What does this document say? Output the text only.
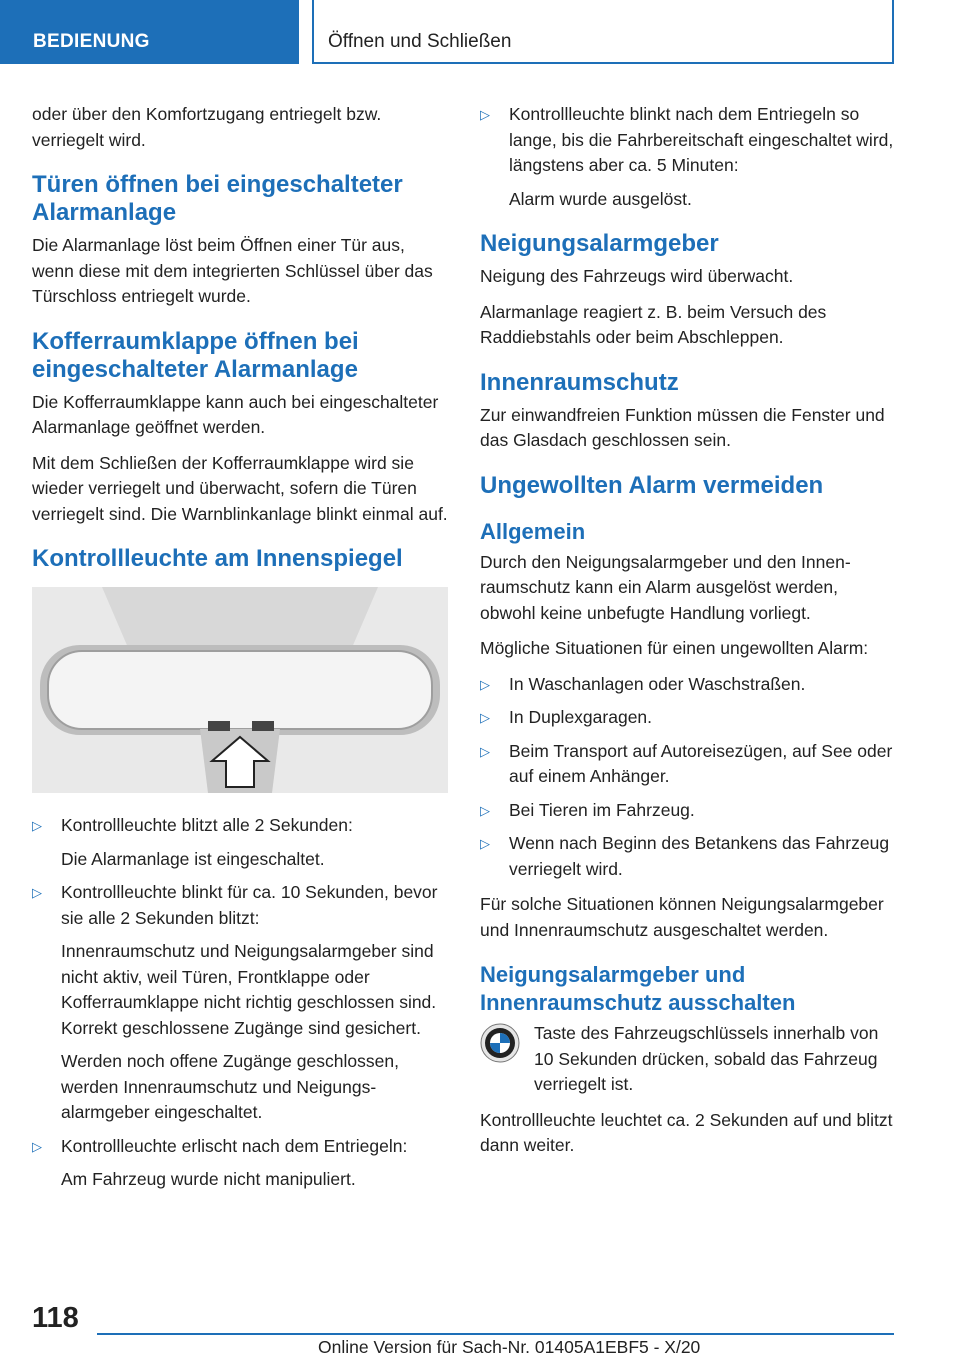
BEDIENUNG	Öffnen und Schließen

oder über den Komfortzugang entriegelt bzw. verriegelt wird.

Türen öffnen bei eingeschalteter Alarmanlage

Die Alarmanlage löst beim Öffnen einer Tür aus, wenn diese mit dem integrierten Schlüssel über das Türschloss entriegelt wurde.

Kofferraumklappe öffnen bei eingeschalteter Alarmanlage

Die Kofferraumklappe kann auch bei eingeschalteter Alarmanlage geöffnet werden.

Mit dem Schließen der Kofferraumklappe wird sie wieder verriegelt und überwacht, sofern die Türen verriegelt sind. Die Warnblinkanlage blinkt einmal auf.

Kontrollleuchte am Innenspiegel
▷ Kontrollleuchte blitzt alle 2 Sekunden:
Die Alarmanlage ist eingeschaltet.
▷ Kontrollleuchte blinkt für ca. 10 Sekunden, bevor sie alle 2 Sekunden blitzt:
Innenraumschutz und Neigungsalarmgeber sind nicht aktiv, weil Türen, Frontklappe oder Kofferraumklappe nicht richtig geschlossen sind. Korrekt geschlossene Zugänge sind gesichert.
Werden noch offene Zugänge geschlossen, werden Innenraumschutz und Neigungsalarmgeber eingeschaltet.
▷ Kontrollleuchte erlischt nach dem Entriegeln:
Am Fahrzeug wurde nicht manipuliert.
▷ Kontrollleuchte blinkt nach dem Entriegeln so lange, bis die Fahrbereitschaft eingeschaltet wird, längstens aber ca. 5 Minuten:
Alarm wurde ausgelöst.
Neigungsalarmgeber

Neigung des Fahrzeugs wird überwacht.

Alarmanlage reagiert z. B. beim Versuch des Raddiebstahls oder beim Abschleppen.

Innenraumschutz

Zur einwandfreien Funktion müssen die Fenster und das Glasdach geschlossen sein.

Ungewollten Alarm vermeiden
Allgemein

Durch den Neigungsalarmgeber und den Innenraumschutz kann ein Alarm ausgelöst werden, obwohl keine unbefugte Handlung vorliegt.

Mögliche Situationen für einen ungewollten Alarm:

▷ In Waschanlagen oder Waschstraßen.
▷ In Duplexgaragen.
▷ Beim Transport auf Autoreisezügen, auf See oder auf einem Anhänger.
▷ Bei Tieren im Fahrzeug.
▷ Wenn nach Beginn des Betankens das Fahrzeug verriegelt wird.

Für solche Situationen können Neigungsalarmgeber und Innenraumschutz ausgeschaltet werden.

Neigungsalarmgeber und Innenraumschutz ausschalten

Taste des Fahrzeugschlüssels innerhalb von 10 Sekunden drücken, sobald das Fahrzeug verriegelt ist.

Kontrollleuchte leuchtet ca. 2 Sekunden auf und blitzt dann weiter.

118
Online Version für Sach-Nr. 01405A1EBF5 - X/20
